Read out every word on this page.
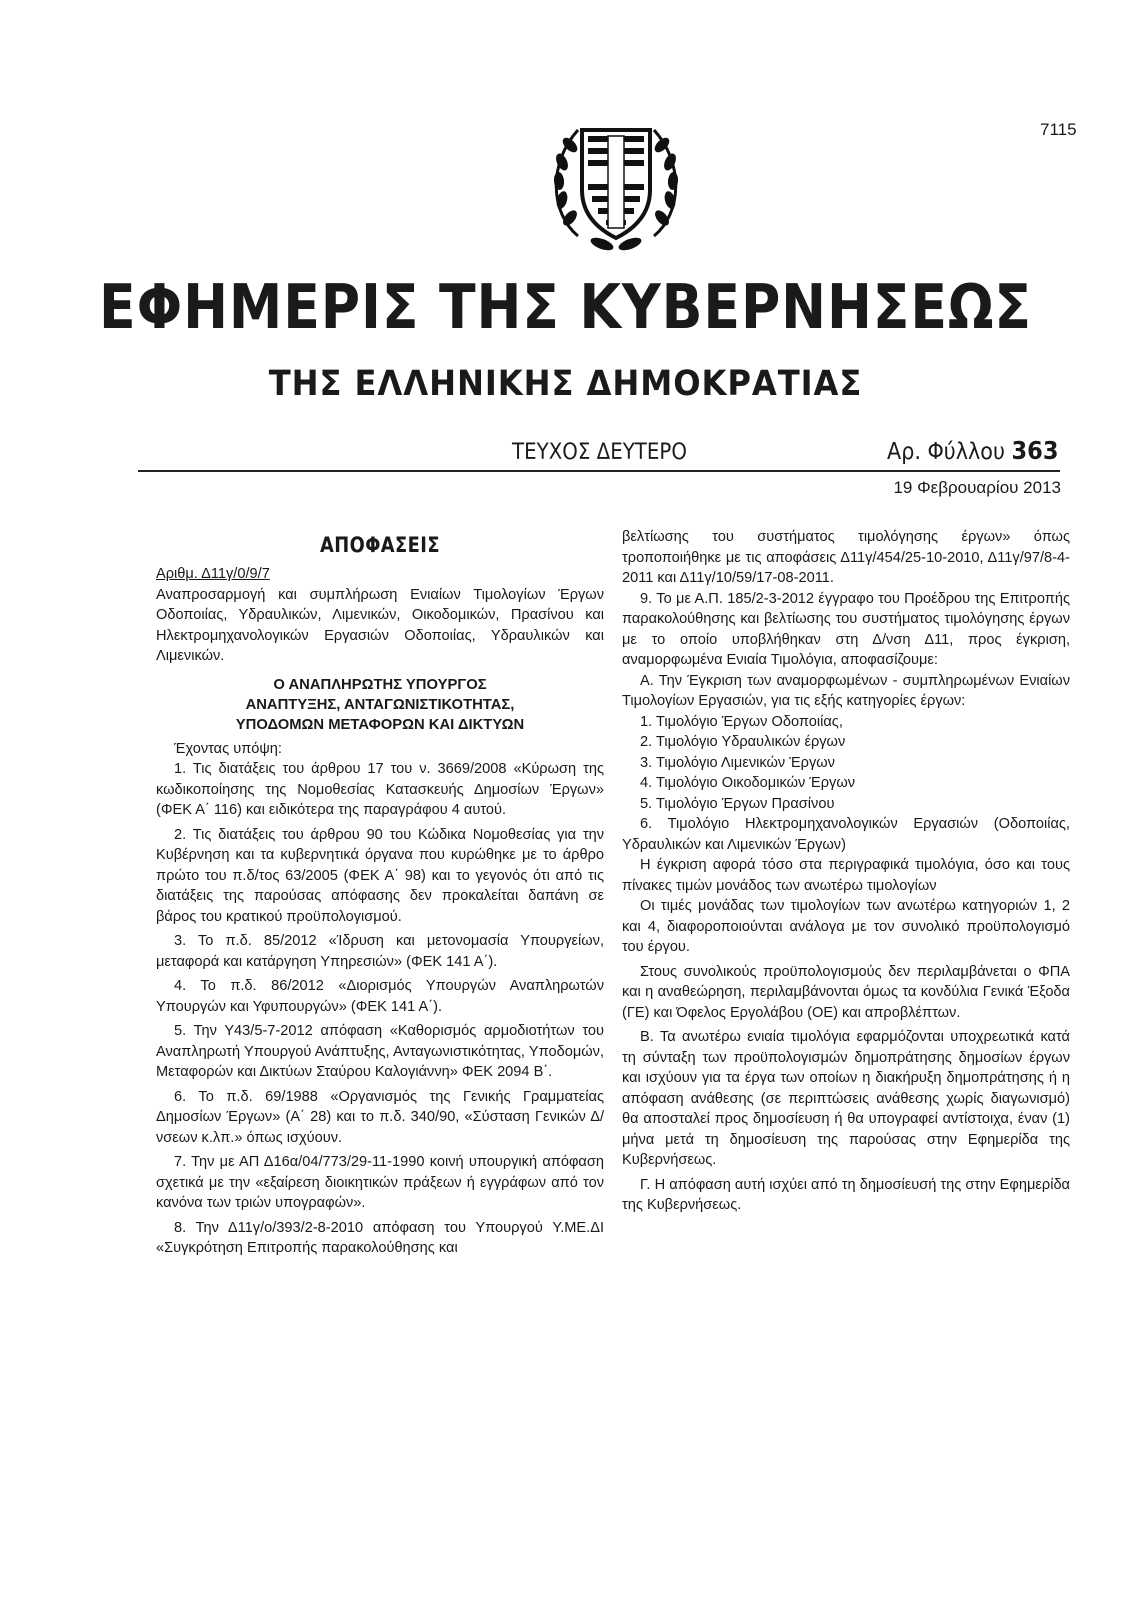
7115
ΕΦΗΜΕΡΙΣ ΤΗΣ ΚΥΒΕΡΝΗΣΕΩΣ
ΤΗΣ ΕΛΛΗΝΙΚΗΣ ΔΗΜΟΚΡΑΤΙΑΣ
ΤΕΥΧΟΣ ΔΕΥΤΕΡΟ	Αρ. Φύλλου 363
19 Φεβρουαρίου 2013

ΑΠΟΦΑΣΕΙΣ

Αριθμ. Δ11γ/0/9/7

Αναπροσαρμογή και συμπλήρωση Ενιαίων Τιμολογίων Έργων Οδοποιίας, Υδραυλικών, Λιμενικών, Οικοδομικών, Πρασίνου και Ηλεκτρομηχανολογικών Εργασιών Οδοποιίας, Υδραυλικών και Λιμενικών.

Ο ΑΝΑΠΛΗΡΩΤΗΣ ΥΠΟΥΡΓΟΣ
ΑΝΑΠΤΥΞΗΣ, ΑΝΤΑΓΩΝΙΣΤΙΚΟΤΗΤΑΣ,
ΥΠΟΔΟΜΩΝ ΜΕΤΑΦΟΡΩΝ ΚΑΙ ΔΙΚΤΥΩΝ

Έχοντας υπόψη:

1. Τις διατάξεις του άρθρου 17 του ν. 3669/2008 «Κύρωση της κωδικοποίησης της Νομοθεσίας Κατασκευής Δημοσίων Έργων» (ΦΕΚ Α΄ 116) και ειδικότερα της παραγράφου 4 αυτού.

2. Τις διατάξεις του άρθρου 90 του Κώδικα Νομοθεσίας για την Κυβέρνηση και τα κυβερνητικά όργανα που κυρώθηκε με το άρθρο πρώτο του π.δ/τος 63/2005 (ΦΕΚ Α΄ 98) και το γεγονός ότι από τις διατάξεις της παρούσας απόφασης δεν προκαλείται δαπάνη σε βάρος του κρατικού προϋπολογισμού.

3. Το π.δ. 85/2012 «Ίδρυση και μετονομασία Υπουργείων, μεταφορά και κατάργηση Υπηρεσιών» (ΦΕΚ 141 Α΄).

4. Το π.δ. 86/2012 «Διορισμός Υπουργών Αναπληρωτών Υπουργών και Υφυπουργών» (ΦΕΚ 141 Α΄).

5. Την Υ43/5-7-2012 απόφαση «Καθορισμός αρμοδιοτήτων του Αναπληρωτή Υπουργού Ανάπτυξης, Ανταγωνιστικότητας, Υποδομών, Μεταφορών και Δικτύων Σταύρου Καλογιάννη» ΦΕΚ 2094 Β΄.

6. Το π.δ. 69/1988 «Οργανισμός της Γενικής Γραμματείας Δημοσίων Έργων» (Α΄ 28) και το π.δ. 340/90, «Σύσταση Γενικών Δ/νσεων κ.λπ.» όπως ισχύουν.

7. Την με ΑΠ Δ16α/04/773/29-11-1990 κοινή υπουργική απόφαση σχετικά με την «εξαίρεση διοικητικών πράξεων ή εγγράφων από τον κανόνα των τριών υπογραφών».

8. Την Δ11γ/ο/393/2-8-2010 απόφαση του Υπουργού Υ.ΜΕ.ΔΙ «Συγκρότηση Επιτροπής παρακολούθησης και

βελτίωσης του συστήματος τιμολόγησης έργων» όπως τροποποιήθηκε με τις αποφάσεις Δ11γ/454/25-10-2010, Δ11γ/97/8-4-2011 και Δ11γ/10/59/17-08-2011.

9. Το με Α.Π. 185/2-3-2012 έγγραφο του Προέδρου της Επιτροπής παρακολούθησης και βελτίωσης του συστήματος τιμολόγησης έργων με το οποίο υποβλήθηκαν στη Δ/νση Δ11, προς έγκριση, αναμορφωμένα Ενιαία Τιμολόγια, αποφασίζουμε:

Α. Την Έγκριση των αναμορφωμένων - συμπληρωμένων Ενιαίων Τιμολογίων Εργασιών, για τις εξής κατηγορίες έργων:

1. Τιμολόγιο Έργων Οδοποιίας,

2. Τιμολόγιο Υδραυλικών έργων

3. Τιμολόγιο Λιμενικών Έργων

4. Τιμολόγιο Οικοδομικών Έργων

5. Τιμολόγιο Έργων Πρασίνου

6. Τιμολόγιο Ηλεκτρομηχανολογικών Εργασιών (Οδοποιίας, Υδραυλικών και Λιμενικών Έργων)

Η έγκριση αφορά τόσο στα περιγραφικά τιμολόγια, όσο και τους πίνακες τιμών μονάδος των ανωτέρω τιμολογίων

Οι τιμές μονάδας των τιμολογίων των ανωτέρω κατηγοριών 1, 2 και 4, διαφοροποιούνται ανάλογα με τον συνολικό προϋπολογισμό του έργου.

Στους συνολικούς προϋπολογισμούς δεν περιλαμβάνεται ο ΦΠΑ και η αναθεώρηση, περιλαμβάνονται όμως τα κονδύλια Γενικά Έξοδα (ΓΕ) και Όφελος Εργολάβου (ΟΕ) και απροβλέπτων.

Β. Τα ανωτέρω ενιαία τιμολόγια εφαρμόζονται υποχρεωτικά κατά τη σύνταξη των προϋπολογισμών δημοπράτησης δημοσίων έργων και ισχύουν για τα έργα των οποίων η διακήρυξη δημοπράτησης ή η απόφαση ανάθεσης (σε περιπτώσεις ανάθεσης χωρίς διαγωνισμό) θα αποσταλεί προς δημοσίευση ή θα υπογραφεί αντίστοιχα, έναν (1) μήνα μετά τη δημοσίευση της παρούσας στην Εφημερίδα της Κυβερνήσεως.

Γ. Η απόφαση αυτή ισχύει από τη δημοσίευσή της στην Εφημερίδα της Κυβερνήσεως.
